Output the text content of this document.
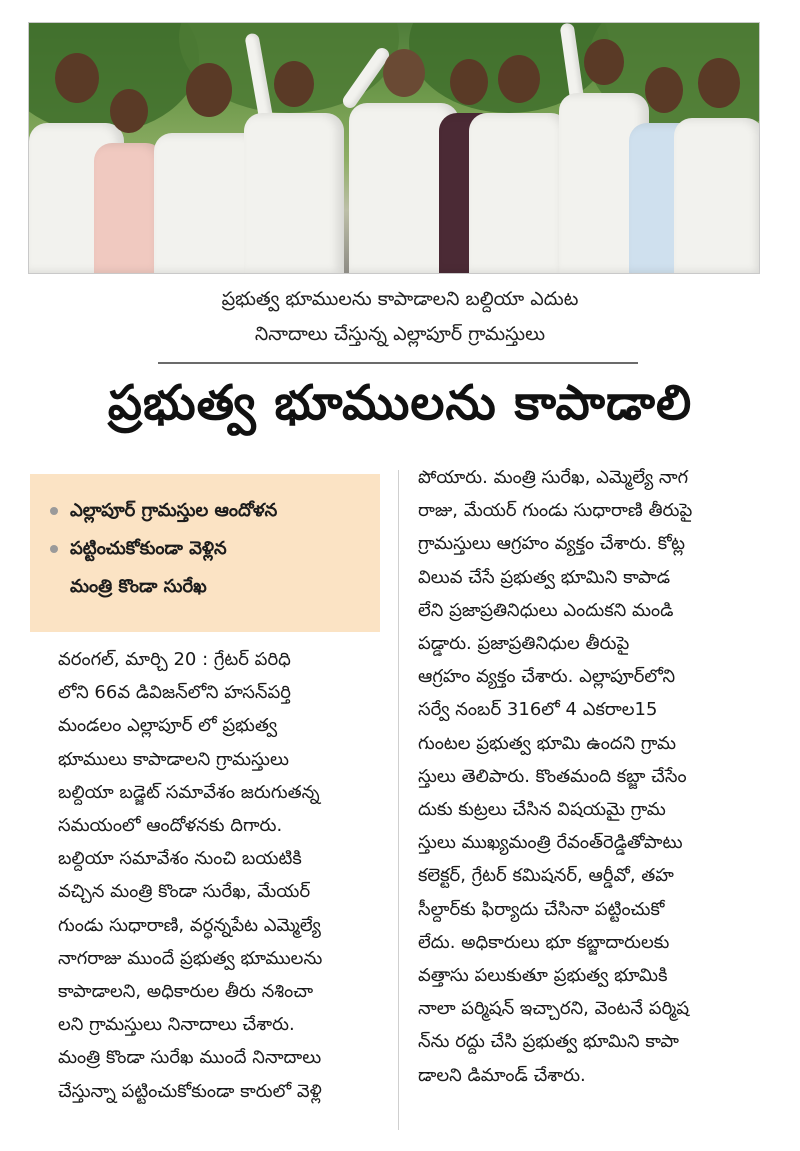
ప్రభుత్వ భూములను కాపాడాలని బల్దియా ఎదుట
నినాదాలు చేస్తున్న ఎల్లాపూర్ గ్రామస్తులు
ప్రభుత్వ భూములను కాపాడాలి
ఎల్లాపూర్ గ్రామస్తుల ఆందోళన
పట్టించుకోకుండా వెళ్లిన
మంత్రి కొండా సురేఖ
వరంగల్, మార్చి 20 : గ్రేటర్ పరిధి
లోని 66వ డివిజన్‌లోని హసన్‌పర్తి
మండలం ఎల్లాపూర్ లో ప్రభుత్వ
భూములు కాపాడాలని గ్రామస్తులు
బల్దియా బడ్జెట్ సమావేశం జరుగుతన్న
సమయంలో ఆందోళనకు దిగారు.
బల్దియా సమావేశం నుంచి బయటికి
వచ్చిన మంత్రి కొండా సురేఖ, మేయర్
గుండు సుధారాణి, వర్ధన్నపేట ఎమ్మెల్యే
నాగరాజు ముందే ప్రభుత్వ భూములను
కాపాడాలని, అధికారుల తీరు నశించా
లని గ్రామస్తులు నినాదాలు చేశారు.
మంత్రి కొండా సురేఖ ముందే నినాదాలు
చేస్తున్నా పట్టించుకోకుండా కారులో వెళ్లి
పోయారు. మంత్రి సురేఖ, ఎమ్మెల్యే నాగ
రాజు, మేయర్ గుండు సుధారాణి తీరుపై
గ్రామస్తులు ఆగ్రహం వ్యక్తం చేశారు. కోట్ల
విలువ చేసే ప్రభుత్వ భూమిని కాపాడ
లేని ప్రజాప్రతినిధులు ఎందుకని మండి
పడ్డారు. ప్రజాప్రతినిధుల తీరుపై
ఆగ్రహం వ్యక్తం చేశారు. ఎల్లాపూర్‌లోని
సర్వే నంబర్ 316లో 4 ఎకరాల15
గుంటల ప్రభుత్వ భూమి ఉందని గ్రామ
స్తులు తెలిపారు. కొంతమంది కబ్జా చేసేం
దుకు కుట్రలు చేసిన విషయమై గ్రామ
స్తులు ముఖ్యమంత్రి రేవంత్‌రెడ్డితోపాటు
కలెక్టర్, గ్రేటర్ కమిషనర్, ఆర్డీవో, తహ
సీల్దార్‌కు ఫిర్యాదు చేసినా పట్టించుకో
లేదు. అధికారులు భూ కబ్జాదారులకు
వత్తాసు పలుకుతూ ప్రభుత్వ భూమికి
నాలా పర్మిషన్ ఇచ్చారని, వెంటనే పర్మిష
న్‌ను రద్దు చేసి ప్రభుత్వ భూమిని కాపా
డాలని డిమాండ్ చేశారు.
